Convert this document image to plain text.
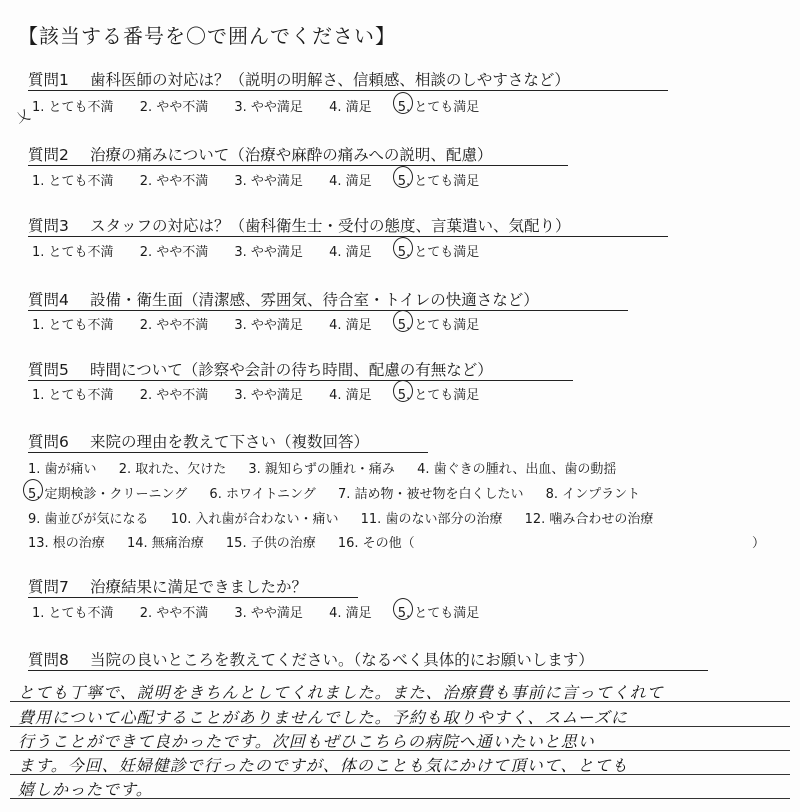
【該当する番号を〇で囲んでください】
乂
質問1 歯科医師の対応は？（説明の明解さ、信頼感、相談のしやすさなど）
1. とても不満 2. やや不満 3. やや満足 4. 満足 5. とても満足
質問2 治療の痛みについて（治療や麻酔の痛みへの説明、配慮）
1. とても不満 2. やや不満 3. やや満足 4. 満足 5. とても満足
質問3 スタッフの対応は？（歯科衛生士・受付の態度、言葉遣い、気配り）
1. とても不満 2. やや不満 3. やや満足 4. 満足 5. とても満足
質問4 設備・衛生面（清潔感、雰囲気、待合室・トイレの快適さなど）
1. とても不満 2. やや不満 3. やや満足 4. 満足 5. とても満足
質問5 時間について（診察や会計の待ち時間、配慮の有無など）
1. とても不満 2. やや不満 3. やや満足 4. 満足 5. とても満足
質問6 来院の理由を教えて下さい（複数回答）
1. 歯が痛い 2. 取れた、欠けた 3. 親知らずの腫れ・痛み 4. 歯ぐきの腫れ、出血、歯の動揺
5. 定期検診・クリーニング 6. ホワイトニング 7. 詰め物・被せ物を白くしたい 8. インプラント
9. 歯並びが気になる 10. 入れ歯が合わない・痛い 11. 歯のない部分の治療 12. 噛み合わせの治療
13. 根の治療 14. 無痛治療 15. 子供の治療 16. その他（	）
質問7 治療結果に満足できましたか？
1. とても不満 2. やや不満 3. やや満足 4. 満足 5. とても満足
質問8 当院の良いところを教えてください。（なるべく具体的にお願いします）
とても丁寧で、説明をきちんとしてくれました。また、治療費も事前に言ってくれて
費用について心配することがありませんでした。予約も取りやすく、スムーズに
行うことができて良かったです。次回もぜひこちらの病院へ通いたいと思い
ます。今回、妊婦健診で行ったのですが、体のことも気にかけて頂いて、とても
嬉しかったです。
